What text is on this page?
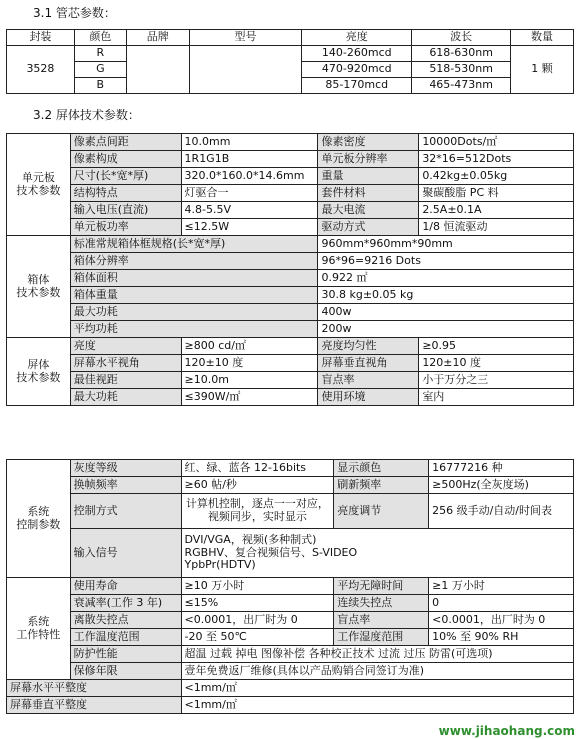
3.1 管芯参数：
封装	颜色	品牌	型号	亮度	波长	数量
3528	R			140-260mcd	618-630nm	1 颗
	G			470-920mcd	518-530nm	
	B			85-170mcd	465-473nm	
3.2 屏体技术参数：
单元板
技术参数	像素点间距	10.0mm	像素密度	10000Dots/㎡
	像素构成	1R1G1B	单元板分辨率	32*16=512Dots
	尺寸(长*宽*厚)	320.0*160.0*14.6mm	重量	0.42kg±0.05kg
	结构特点	灯驱合一	套件材料	聚碳酸脂 PC 料
	输入电压(直流)	4.8-5.5V	最大电流	2.5A±0.1A
	单元板功率	≤12.5W	驱动方式	1/8 恒流驱动
箱体
技术参数	标准常规箱体框规格(长*宽*厚)		960mm*960mm*90mm	
	箱体分辨率		96*96=9216 Dots	
	箱体面积		0.922 ㎡	
	箱体重量		30.8 kg±0.05 kg	
	最大功耗		400w	
	平均功耗		200w	
屏体
技术参数	亮度	≥800 cd/㎡	亮度均匀性	≥0.95
	屏幕水平视角	120±10 度	屏幕垂直视角	120±10 度
	最佳视距	≥10.0m	盲点率	小于万分之三
	最大功耗	≤390W/㎡	使用环境	室内
系统
控制参数	灰度等级	红、绿、蓝各 12-16bits	显示颜色	16777216 种
	换帧频率	≥60 帖/秒	刷新频率	≥500Hz(全灰度场)
	控制方式	计算机控制，逐点一一对应，
视频同步，实时显示	亮度调节	256 级手动/自动/时间表
	输入信号	DVI/VGA，视频(多种制式)
RGBHV、复合视频信号、S-VIDEO
YpbPr(HDTV)		
系统
工作特性	使用寿命	≥10 万小时	平均无障时间	≥1 万小时
	衰减率(工作 3 年)	≤15%	连续失控点	0
	离散失控点	<0.0001，出厂时为 0	盲点率	<0.0001，出厂时为 0
	工作温度范围	-20 至 50℃	工作湿度范围	10% 至 90% RH
	防护性能	超温 过载 掉电 图像补偿 各种校正技术 过流 过压 防雷(可选项)		
	保修年限	壹年免费返厂维修(具体以产品购销合同签订为准)		
屏幕水平平整度		<1mm/㎡		
屏幕垂直平整度		<1mm/㎡		
www.jihaohang.com
